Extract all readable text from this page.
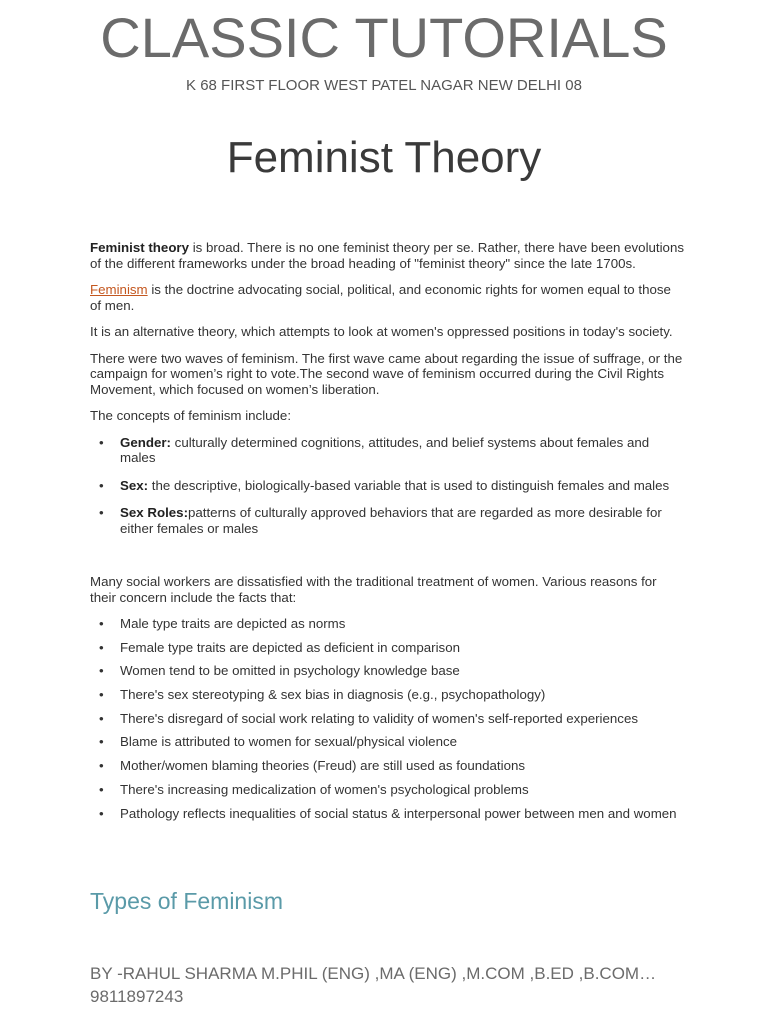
CLASSIC TUTORIALS
K 68 FIRST FLOOR WEST PATEL NAGAR NEW DELHI 08
Feminist Theory

Feminist theory is broad. There is no one feminist theory per se. Rather, there have been evolutions of the different frameworks under the broad heading of "feminist theory" since the late 1700s.

Feminism is the doctrine advocating social, political, and economic rights for women equal to those of men.

It is an alternative theory, which attempts to look at women's oppressed positions in today's society.

There were two waves of feminism. The first wave came about regarding the issue of suffrage, or the campaign for women’s right to vote.The second wave of feminism occurred during the Civil Rights Movement, which focused on women’s liberation.

The concepts of feminism include:

• Gender: culturally determined cognitions, attitudes, and belief systems about females and males
• Sex: the descriptive, biologically-based variable that is used to distinguish females and males
• Sex Roles:patterns of culturally approved behaviors that are regarded as more desirable for either females or males

Many social workers are dissatisfied with the traditional treatment of women. Various reasons for their concern include the facts that:

• Male type traits are depicted as norms
• Female type traits are depicted as deficient in comparison
• Women tend to be omitted in psychology knowledge base
• There's sex stereotyping & sex bias in diagnosis (e.g., psychopathology)
• There's disregard of social work relating to validity of women's self-reported experiences
• Blame is attributed to women for sexual/physical violence
• Mother/women blaming theories (Freud) are still used as foundations
• There's increasing medicalization of women's psychological problems
• Pathology reflects inequalities of social status & interpersonal power between men and women
Types of Feminism
BY -RAHUL SHARMA M.PHIL (ENG) ,MA (ENG) ,M.COM ,B.ED ,B.COM…
9811897243
